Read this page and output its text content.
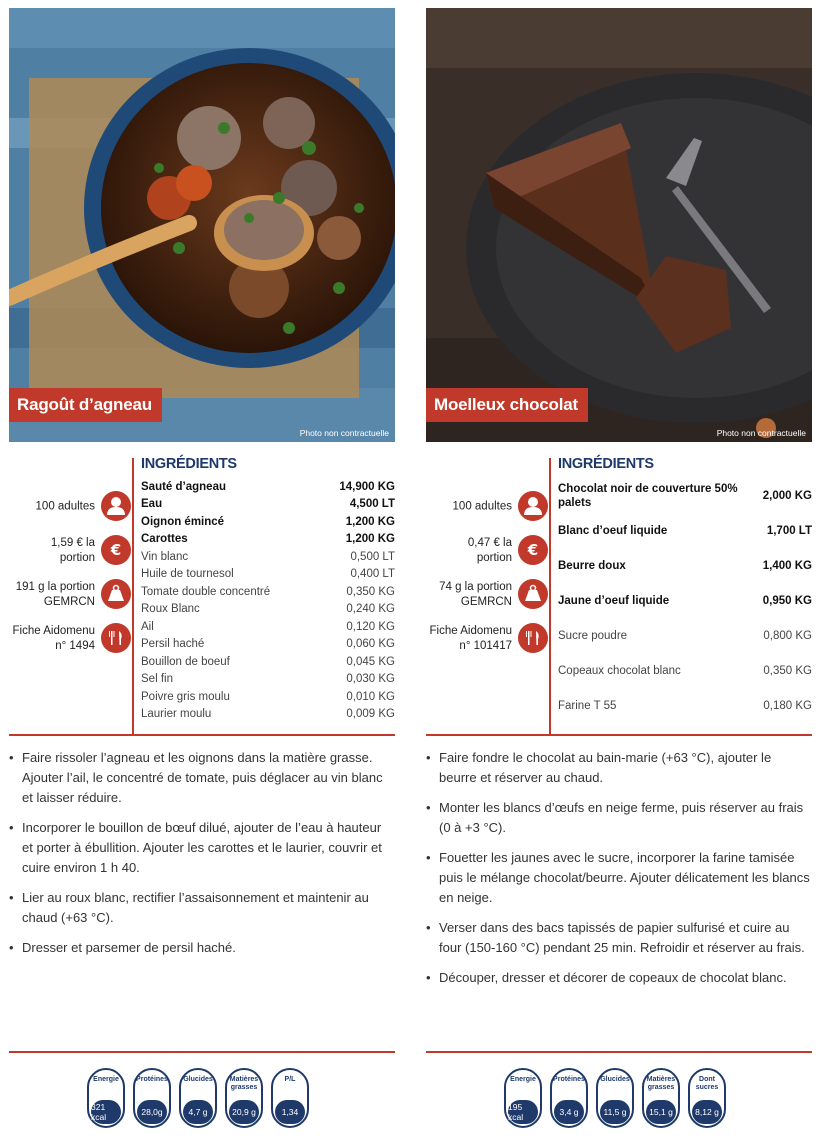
Ragoût d’agneau
Photo non contractuelle
100 adultes
1,59 € la
portion €
191 g la portion
GEMRCN
Fiche Aidomenu
n° 1494
INGRÉDIENTS
Sauté d’agneau	14,900 KG
Eau	4,500 LT
Oignon émincé	1,200 KG
Carottes	1,200 KG
Vin blanc	0,500 LT
Huile de tournesol	0,400 LT
Tomate double concentré	0,350 KG
Roux Blanc	0,240 KG
Ail	0,120 KG
Persil haché	0,060 KG
Bouillon de boeuf	0,045 KG
Sel fin	0,030 KG
Poivre gris moulu	0,010 KG
Laurier moulu	0,009 KG
• Faire rissoler l’agneau et les oignons dans la matière grasse. Ajouter l’ail, le concentré de tomate, puis déglacer au vin blanc et laisser réduire.
• Incorporer le bouillon de bœuf dilué, ajouter de l’eau à hauteur et porter à ébullition. Ajouter les carottes et le laurier, couvrir et cuire environ 1 h 40.
• Lier au roux blanc, rectifier l’assaisonnement et maintenir au chaud (+63 °C).
• Dresser et parsemer de persil haché.
Energie
321 kcal
Protéines
28,0g
Glucides
4,7 g
Matières grasses
20,9 g
P/L
1,34
Moelleux chocolat
Photo non contractuelle
100 adultes
0,47 € la
portion €
74 g la portion
GEMRCN
Fiche Aidomenu
n° 101417
INGRÉDIENTS
Chocolat noir de couverture 50% palets
2,000 KG
Blanc d’oeuf liquide	1,700 LT
Beurre doux	1,400 KG
Jaune d’oeuf liquide	0,950 KG
Sucre poudre	0,800 KG
Copeaux chocolat blanc	0,350 KG
Farine T 55	0,180 KG
• Faire fondre le chocolat au bain-marie (+63 °C), ajouter le beurre et réserver au chaud.
• Monter les blancs d’œufs en neige ferme, puis réserver au frais (0 à +3 °C).
• Fouetter les jaunes avec le sucre, incorporer la farine tamisée puis le mélange chocolat/beurre. Ajouter délicatement les blancs en neige.
• Verser dans des bacs tapissés de papier sulfurisé et cuire au four (150-160 °C) pendant 25 min. Refroidir et réserver au frais.
• Découper, dresser et décorer de copeaux de chocolat blanc.
Energie
195 kcal
Protéines
3,4 g
Glucides
11,5 g
Matières grasses
15,1 g
Dont sucres
8,12 g
